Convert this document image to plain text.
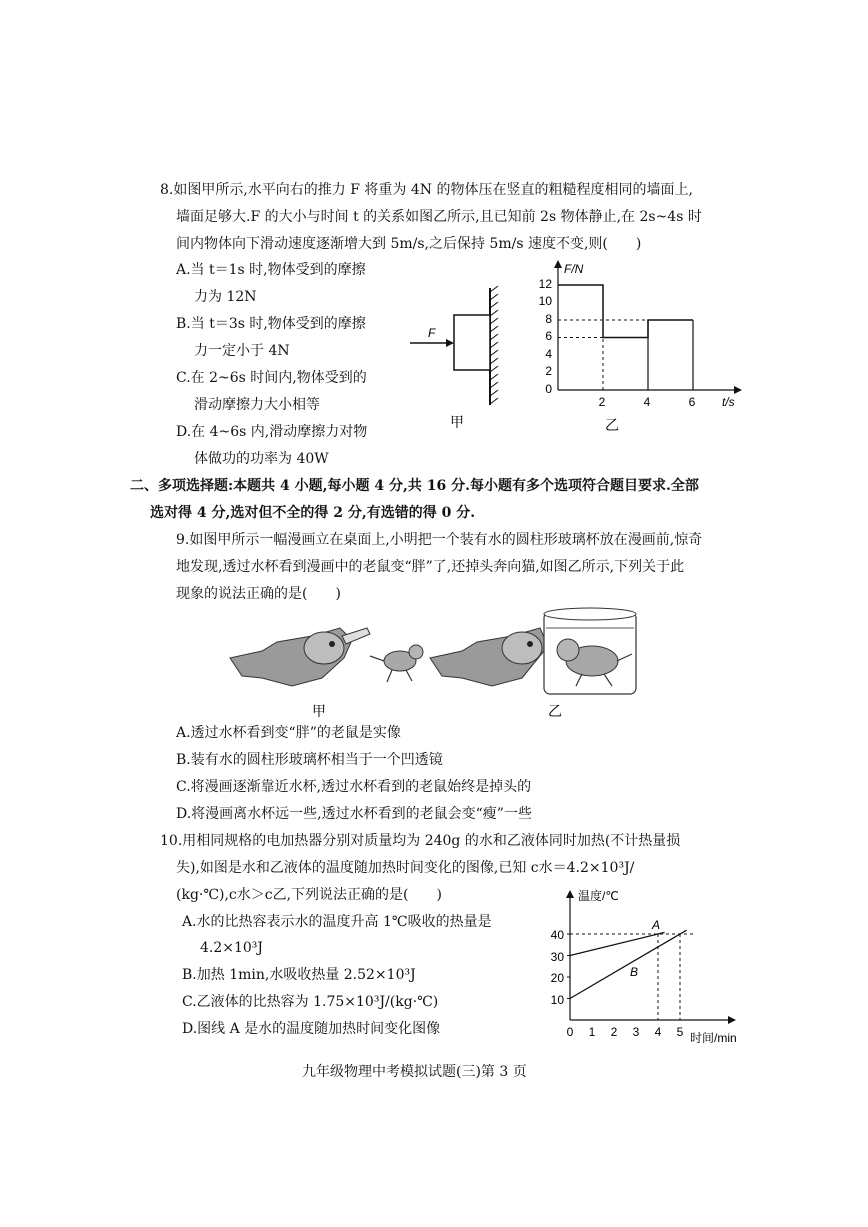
8.如图甲所示,水平向右的推力 F 将重为 4N 的物体压在竖直的粗糙程度相同的墙面上,
墙面足够大.F 的大小与时间 t 的关系如图乙所示,且已知前 2s 物体静止,在 2s~4s 时
间内物体向下滑动速度逐渐增大到 5m/s,之后保持 5m/s 速度不变,则(　　)
A.当 t＝1s 时,物体受到的摩擦
力为 12N
B.当 t＝3s 时,物体受到的摩擦
力一定小于 4N
C.在 2~6s 时间内,物体受到的
滑动摩擦力大小相等
D.在 4~6s 内,滑动摩擦力对物
体做功的功率为 40W
F
甲
F/N
t/s
12
10
8
6
4
2
0
2	4	6
乙
二、多项选择题:本题共 4 小题,每小题 4 分,共 16 分.每小题有多个选项符合题目要求.全部
选对得 4 分,选对但不全的得 2 分,有选错的得 0 分.
9.如图甲所示一幅漫画立在桌面上,小明把一个装有水的圆柱形玻璃杯放在漫画前,惊奇
地发现,透过水杯看到漫画中的老鼠变“胖”了,还掉头奔向猫,如图乙所示,下列关于此
现象的说法正确的是(　　)
甲	乙
A.透过水杯看到变“胖”的老鼠是实像
B.装有水的圆柱形玻璃杯相当于一个凹透镜
C.将漫画逐渐靠近水杯,透过水杯看到的老鼠始终是掉头的
D.将漫画离水杯远一些,透过水杯看到的老鼠会变“瘦”一些
10.用相同规格的电加热器分别对质量均为 240g 的水和乙液体同时加热(不计热量损
失),如图是水和乙液体的温度随加热时间变化的图像,已知 c水＝4.2×10³J/
(kg·℃),c水＞c乙,下列说法正确的是(　　)
A.水的比热容表示水的温度升高 1℃吸收的热量是
4.2×10³J
B.加热 1min,水吸收热量 2.52×10³J
C.乙液体的比热容为 1.75×10³J/(kg·℃)
D.图线 A 是水的温度随加热时间变化图像
温度/℃
时间/min
40
30
20
10
0 1 2 3 4 5
A
B
九年级物理中考模拟试题(三)第 3 页
